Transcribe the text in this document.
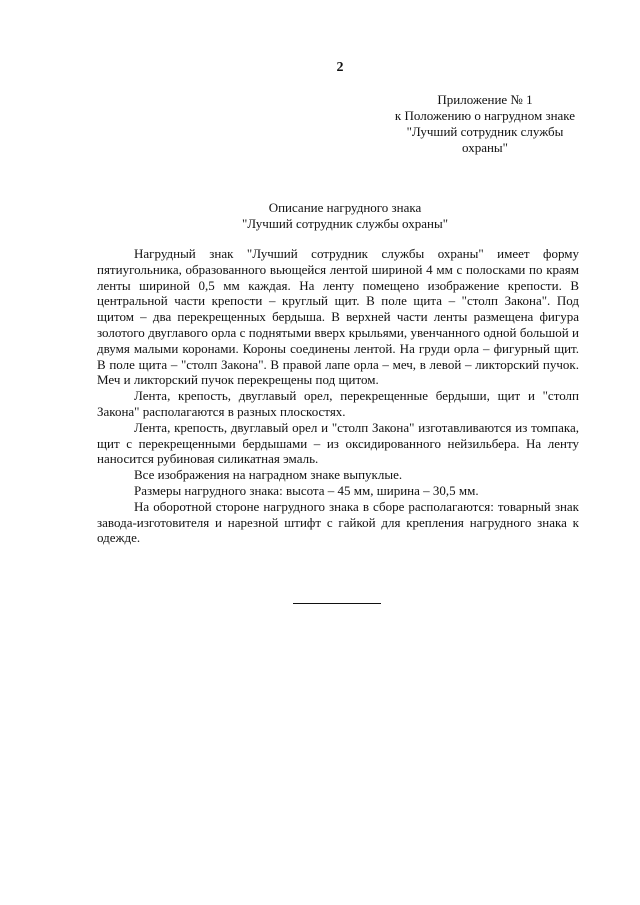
2
Приложение № 1
к Положению о нагрудном знаке
"Лучший сотрудник службы
охраны"
Описание нагрудного знака
"Лучший сотрудник службы охраны"

Нагрудный знак "Лучший сотрудник службы охраны" имеет форму пятиугольника, образованного вьющейся лентой шириной 4 мм с полосками по краям ленты шириной 0,5 мм каждая. На ленту помещено изображение крепости. В центральной части крепости – круглый щит. В поле щита – "столп Закона". Под щитом – два перекрещенных бердыша. В верхней части ленты размещена фигура золотого двуглавого орла с поднятыми вверх крыльями, увенчанного одной большой и двумя малыми коронами. Короны соединены лентой. На груди орла – фигурный щит. В поле щита – "столп Закона". В правой лапе орла – меч, в левой – ликторский пучок. Меч и ликторский пучок перекрещены под щитом.

Лента, крепость, двуглавый орел, перекрещенные бердыши, щит и "столп Закона" располагаются в разных плоскостях.

Лента, крепость, двуглавый орел и "столп Закона" изготавливаются из томпака, щит с перекрещенными бердышами – из оксидированного нейзильбера. На ленту наносится рубиновая силикатная эмаль.

Все изображения на наградном знаке выпуклые.

Размеры нагрудного знака: высота – 45 мм, ширина – 30,5 мм.

На оборотной стороне нагрудного знака в сборе располагаются: товарный знак завода-изготовителя и нарезной штифт с гайкой для крепления нагрудного знака к одежде.
